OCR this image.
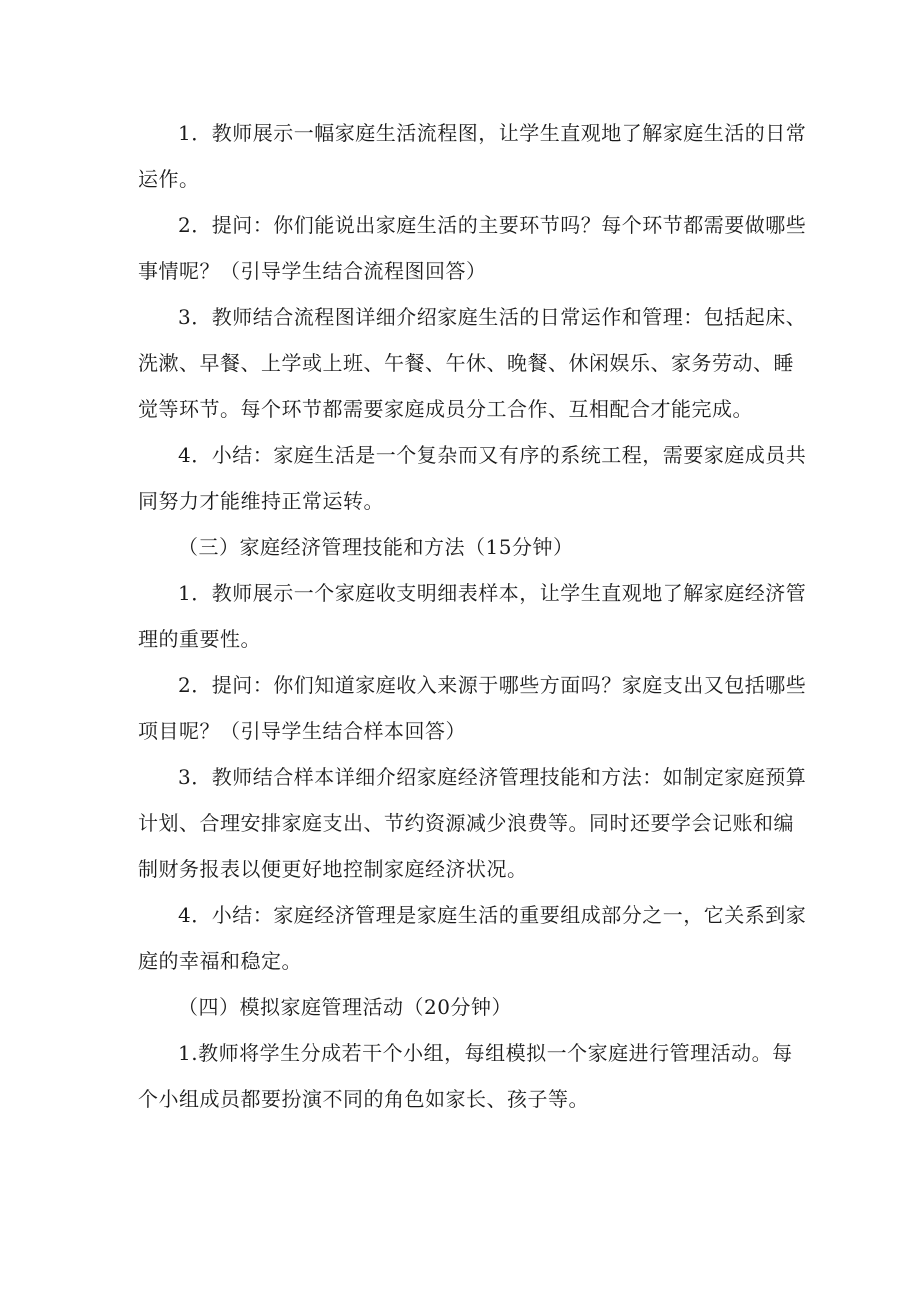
1．教师展示一幅家庭生活流程图，让学生直观地了解家庭生活的日常运作。

2．提问：你们能说出家庭生活的主要环节吗？每个环节都需要做哪些事情呢？（引导学生结合流程图回答）

3．教师结合流程图详细介绍家庭生活的日常运作和管理：包括起床、洗漱、早餐、上学或上班、午餐、午休、晚餐、休闲娱乐、家务劳动、睡觉等环节。每个环节都需要家庭成员分工合作、互相配合才能完成。

4．小结：家庭生活是一个复杂而又有序的系统工程，需要家庭成员共同努力才能维持正常运转。

（三）家庭经济管理技能和方法（15分钟）

1．教师展示一个家庭收支明细表样本，让学生直观地了解家庭经济管理的重要性。

2．提问：你们知道家庭收入来源于哪些方面吗？家庭支出又包括哪些项目呢？（引导学生结合样本回答）

3．教师结合样本详细介绍家庭经济管理技能和方法：如制定家庭预算计划、合理安排家庭支出、节约资源减少浪费等。同时还要学会记账和编制财务报表以便更好地控制家庭经济状况。

4．小结：家庭经济管理是家庭生活的重要组成部分之一，它关系到家庭的幸福和稳定。

（四）模拟家庭管理活动（20分钟）

1.教师将学生分成若干个小组，每组模拟一个家庭进行管理活动。每个小组成员都要扮演不同的角色如家长、孩子等。
